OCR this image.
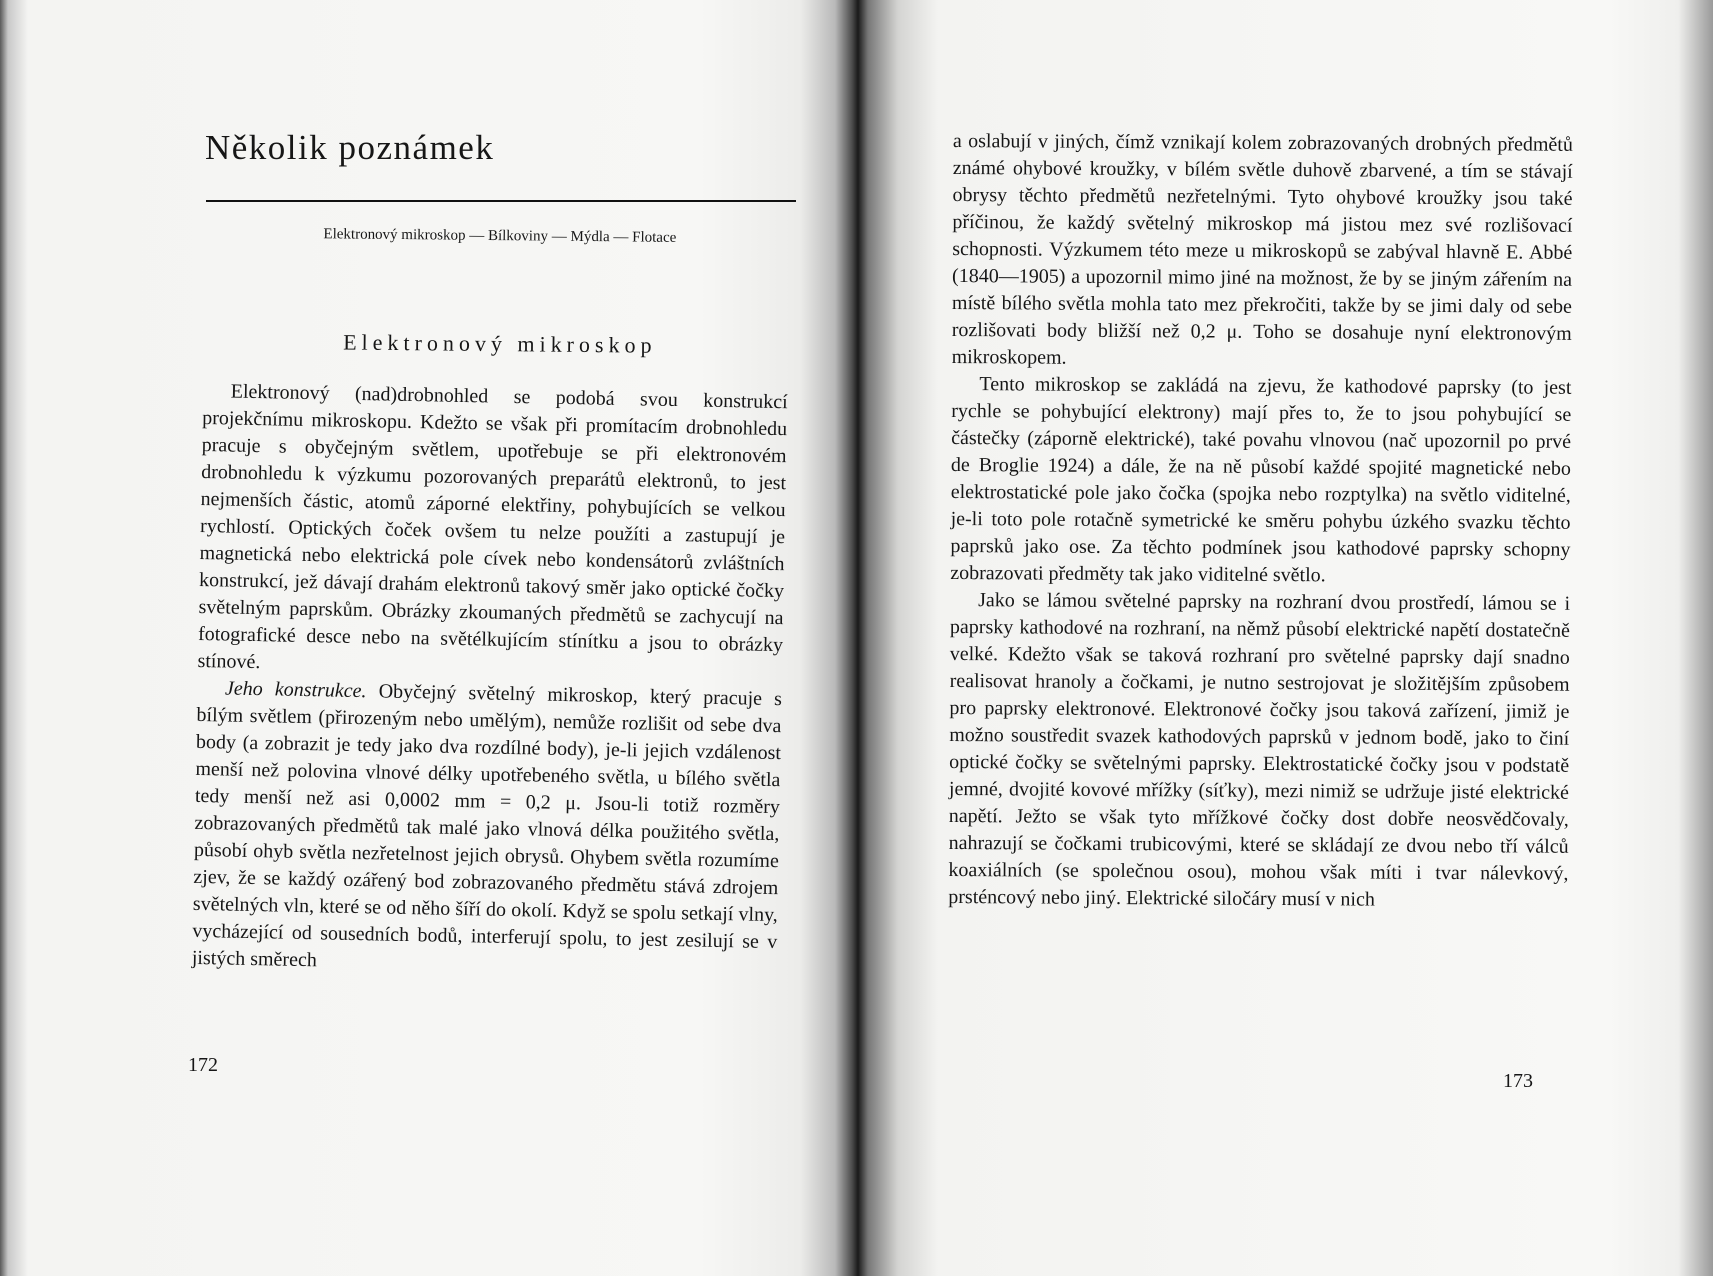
Několik poznámek
Elektronový mikroskop — Bílkoviny — Mýdla — Flotace
Elektronový mikroskop

Elektronový (nad)drobnohled se podobá svou konstrukcí projekčnímu mikroskopu. Kdežto se však při promítacím drobnohledu pracuje s obyčejným světlem, upotřebuje se při elektronovém drobnohledu k výzkumu pozorovaných preparátů elektronů, to jest nejmenších částic, atomů záporné elektřiny, pohybujících se velkou rychlostí. Optických čoček ovšem tu nelze použíti a zastupují je magnetická nebo elektrická pole cívek nebo kondensátorů zvláštních konstrukcí, jež dávají drahám elektronů takový směr jako optické čočky světelným paprskům. Obrázky zkoumaných předmětů se zachycují na fotografické desce nebo na světélkujícím stínítku a jsou to obrázky stínové.

Jeho konstrukce. Obyčejný světelný mikroskop, který pracuje s bílým světlem (přirozeným nebo umělým), nemůže rozlišit od sebe dva body (a zobrazit je tedy jako dva rozdílné body), je-li jejich vzdálenost menší než polovina vlnové délky upotřebeného světla, u bílého světla tedy menší než asi 0,0002 mm = 0,2 μ. Jsou-li totiž rozměry zobrazovaných předmětů tak malé jako vlnová délka použitého světla, působí ohyb světla nezřetelnost jejich obrysů. Ohybem světla rozumíme zjev, že se každý ozářený bod zobrazovaného předmětu stává zdrojem světelných vln, které se od něho šíří do okolí. Když se spolu setkají vlny, vycházející od sousedních bodů, interferují spolu, to jest zesilují se v jistých směrech

172

a oslabují v jiných, čímž vznikají kolem zobrazovaných drobných předmětů známé ohybové kroužky, v bílém světle duhově zbarvené, a tím se stávají obrysy těchto předmětů nezřetelnými. Tyto ohybové kroužky jsou také příčinou, že každý světelný mikroskop má jistou mez své rozlišovací schopnosti. Výzkumem této meze u mikroskopů se zabýval hlavně E. Abbé (1840—1905) a upozornil mimo jiné na možnost, že by se jiným zářením na místě bílého světla mohla tato mez překročiti, takže by se jimi daly od sebe rozlišovati body bližší než 0,2 μ. Toho se dosahuje nyní elektronovým mikroskopem.

Tento mikroskop se zakládá na zjevu, že kathodové paprsky (to jest rychle se pohybující elektrony) mají přes to, že to jsou pohybující se částečky (záporně elektrické), také povahu vlnovou (nač upozornil po prvé de Broglie 1924) a dále, že na ně působí každé spojité magnetické nebo elektrostatické pole jako čočka (spojka nebo rozptylka) na světlo viditelné, je-li toto pole rotačně symetrické ke směru pohybu úzkého svazku těchto paprsků jako ose. Za těchto podmínek jsou kathodové paprsky schopny zobrazovati předměty tak jako viditelné světlo.

Jako se lámou světelné paprsky na rozhraní dvou prostředí, lámou se i paprsky kathodové na rozhraní, na němž působí elektrické napětí dostatečně velké. Kdežto však se taková rozhraní pro světelné paprsky dají snadno realisovat hranoly a čočkami, je nutno sestrojovat je složitějším způsobem pro paprsky elektronové. Elektronové čočky jsou taková zařízení, jimiž je možno soustředit svazek kathodových paprsků v jednom bodě, jako to činí optické čočky se světelnými paprsky. Elektrostatické čočky jsou v podstatě jemné, dvojité kovové mřížky (síťky), mezi nimiž se udržuje jisté elektrické napětí. Ježto se však tyto mřížkové čočky dost dobře neosvědčovaly, nahrazují se čočkami trubicovými, které se skládají ze dvou nebo tří válců koaxiálních (se společnou osou), mohou však míti i tvar nálevkový, prsténcový nebo jiný. Elektrické siločáry musí v nich

173
